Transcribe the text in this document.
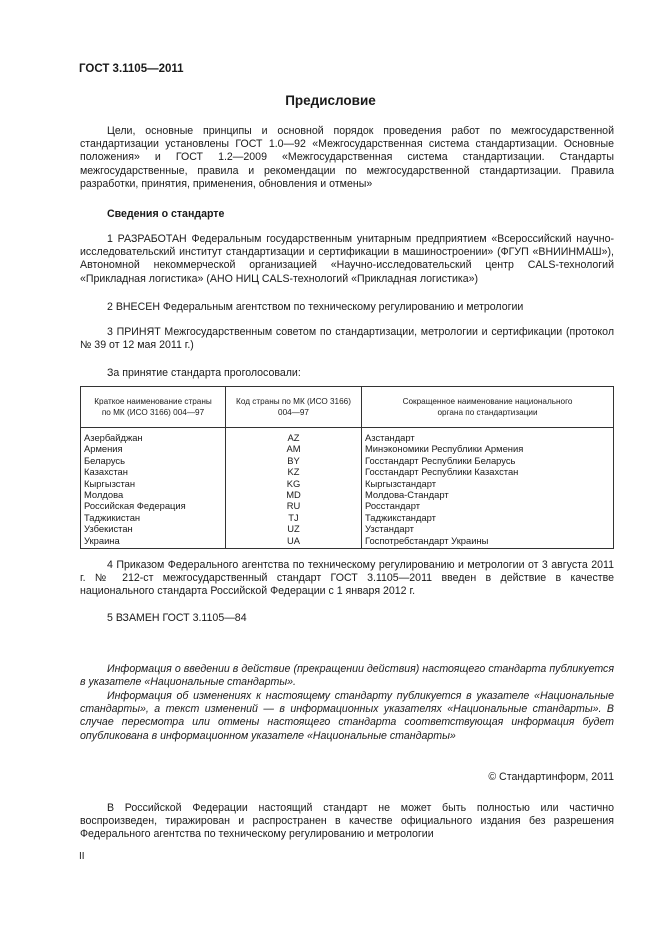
ГОСТ 3.1105—2011
Предисловие
Цели, основные принципы и основной порядок проведения работ по межгосударственной стандартизации установлены ГОСТ 1.0—92 «Межгосударственная система стандартизации. Основные положения» и ГОСТ 1.2—2009 «Межгосударственная система стандартизации. Стандарты межгосударственные, правила и рекомендации по межгосударственной стандартизации. Правила разработки, принятия, применения, обновления и отмены»
Сведения о стандарте
1 РАЗРАБОТАН Федеральным государственным унитарным предприятием «Всероссийский научно-исследовательский институт стандартизации и сертификации в машиностроении» (ФГУП «ВНИИНМАШ»), Автономной некоммерческой организацией «Научно-исследовательский центр CALS-технологий «Прикладная логистика» (АНО НИЦ CALS-технологий «Прикладная логистика»)
2 ВНЕСЕН Федеральным агентством по техническому регулированию и метрологии
3 ПРИНЯТ Межгосударственным советом по стандартизации, метрологии и сертификации (протокол № 39 от 12 мая 2011 г.)
За принятие стандарта проголосовали:
Краткое наименование страны по МК (ИСО 3166) 004—97	Код страны по МК (ИСО 3166) 004—97	Сокращенное наименование национального органа по стандартизации
Азербайджан	AZ	Азстандарт
Армения	AM	Минэкономики Республики Армения
Беларусь	BY	Госстандарт Республики Беларусь
Казахстан	KZ	Госстандарт Республики Казахстан
Кыргызстан	KG	Кыргызстандарт
Молдова	MD	Молдова-Стандарт
Российская Федерация	RU	Росстандарт
Таджикистан	TJ	Таджикстандарт
Узбекистан	UZ	Узстандарт
Украина	UA	Госпотребстандарт Украины
4 Приказом Федерального агентства по техническому регулированию и метрологии от 3 августа 2011 г. № 212-ст межгосударственный стандарт ГОСТ 3.1105—2011 введен в действие в качестве национального стандарта Российской Федерации с 1 января 2012 г.
5 ВЗАМЕН ГОСТ 3.1105—84
Информация о введении в действие (прекращении действия) настоящего стандарта публикуется в указателе «Национальные стандарты».
Информация об изменениях к настоящему стандарту публикуется в указателе «Национальные стандарты», а текст изменений — в информационных указателях «Национальные стандарты». В случае пересмотра или отмены настоящего стандарта соответствующая информация будет опубликована в информационном указателе «Национальные стандарты»
© Стандартинформ, 2011
В Российской Федерации настоящий стандарт не может быть полностью или частично воспроизведен, тиражирован и распространен в качестве официального издания без разрешения Федерального агентства по техническому регулированию и метрологии
II
